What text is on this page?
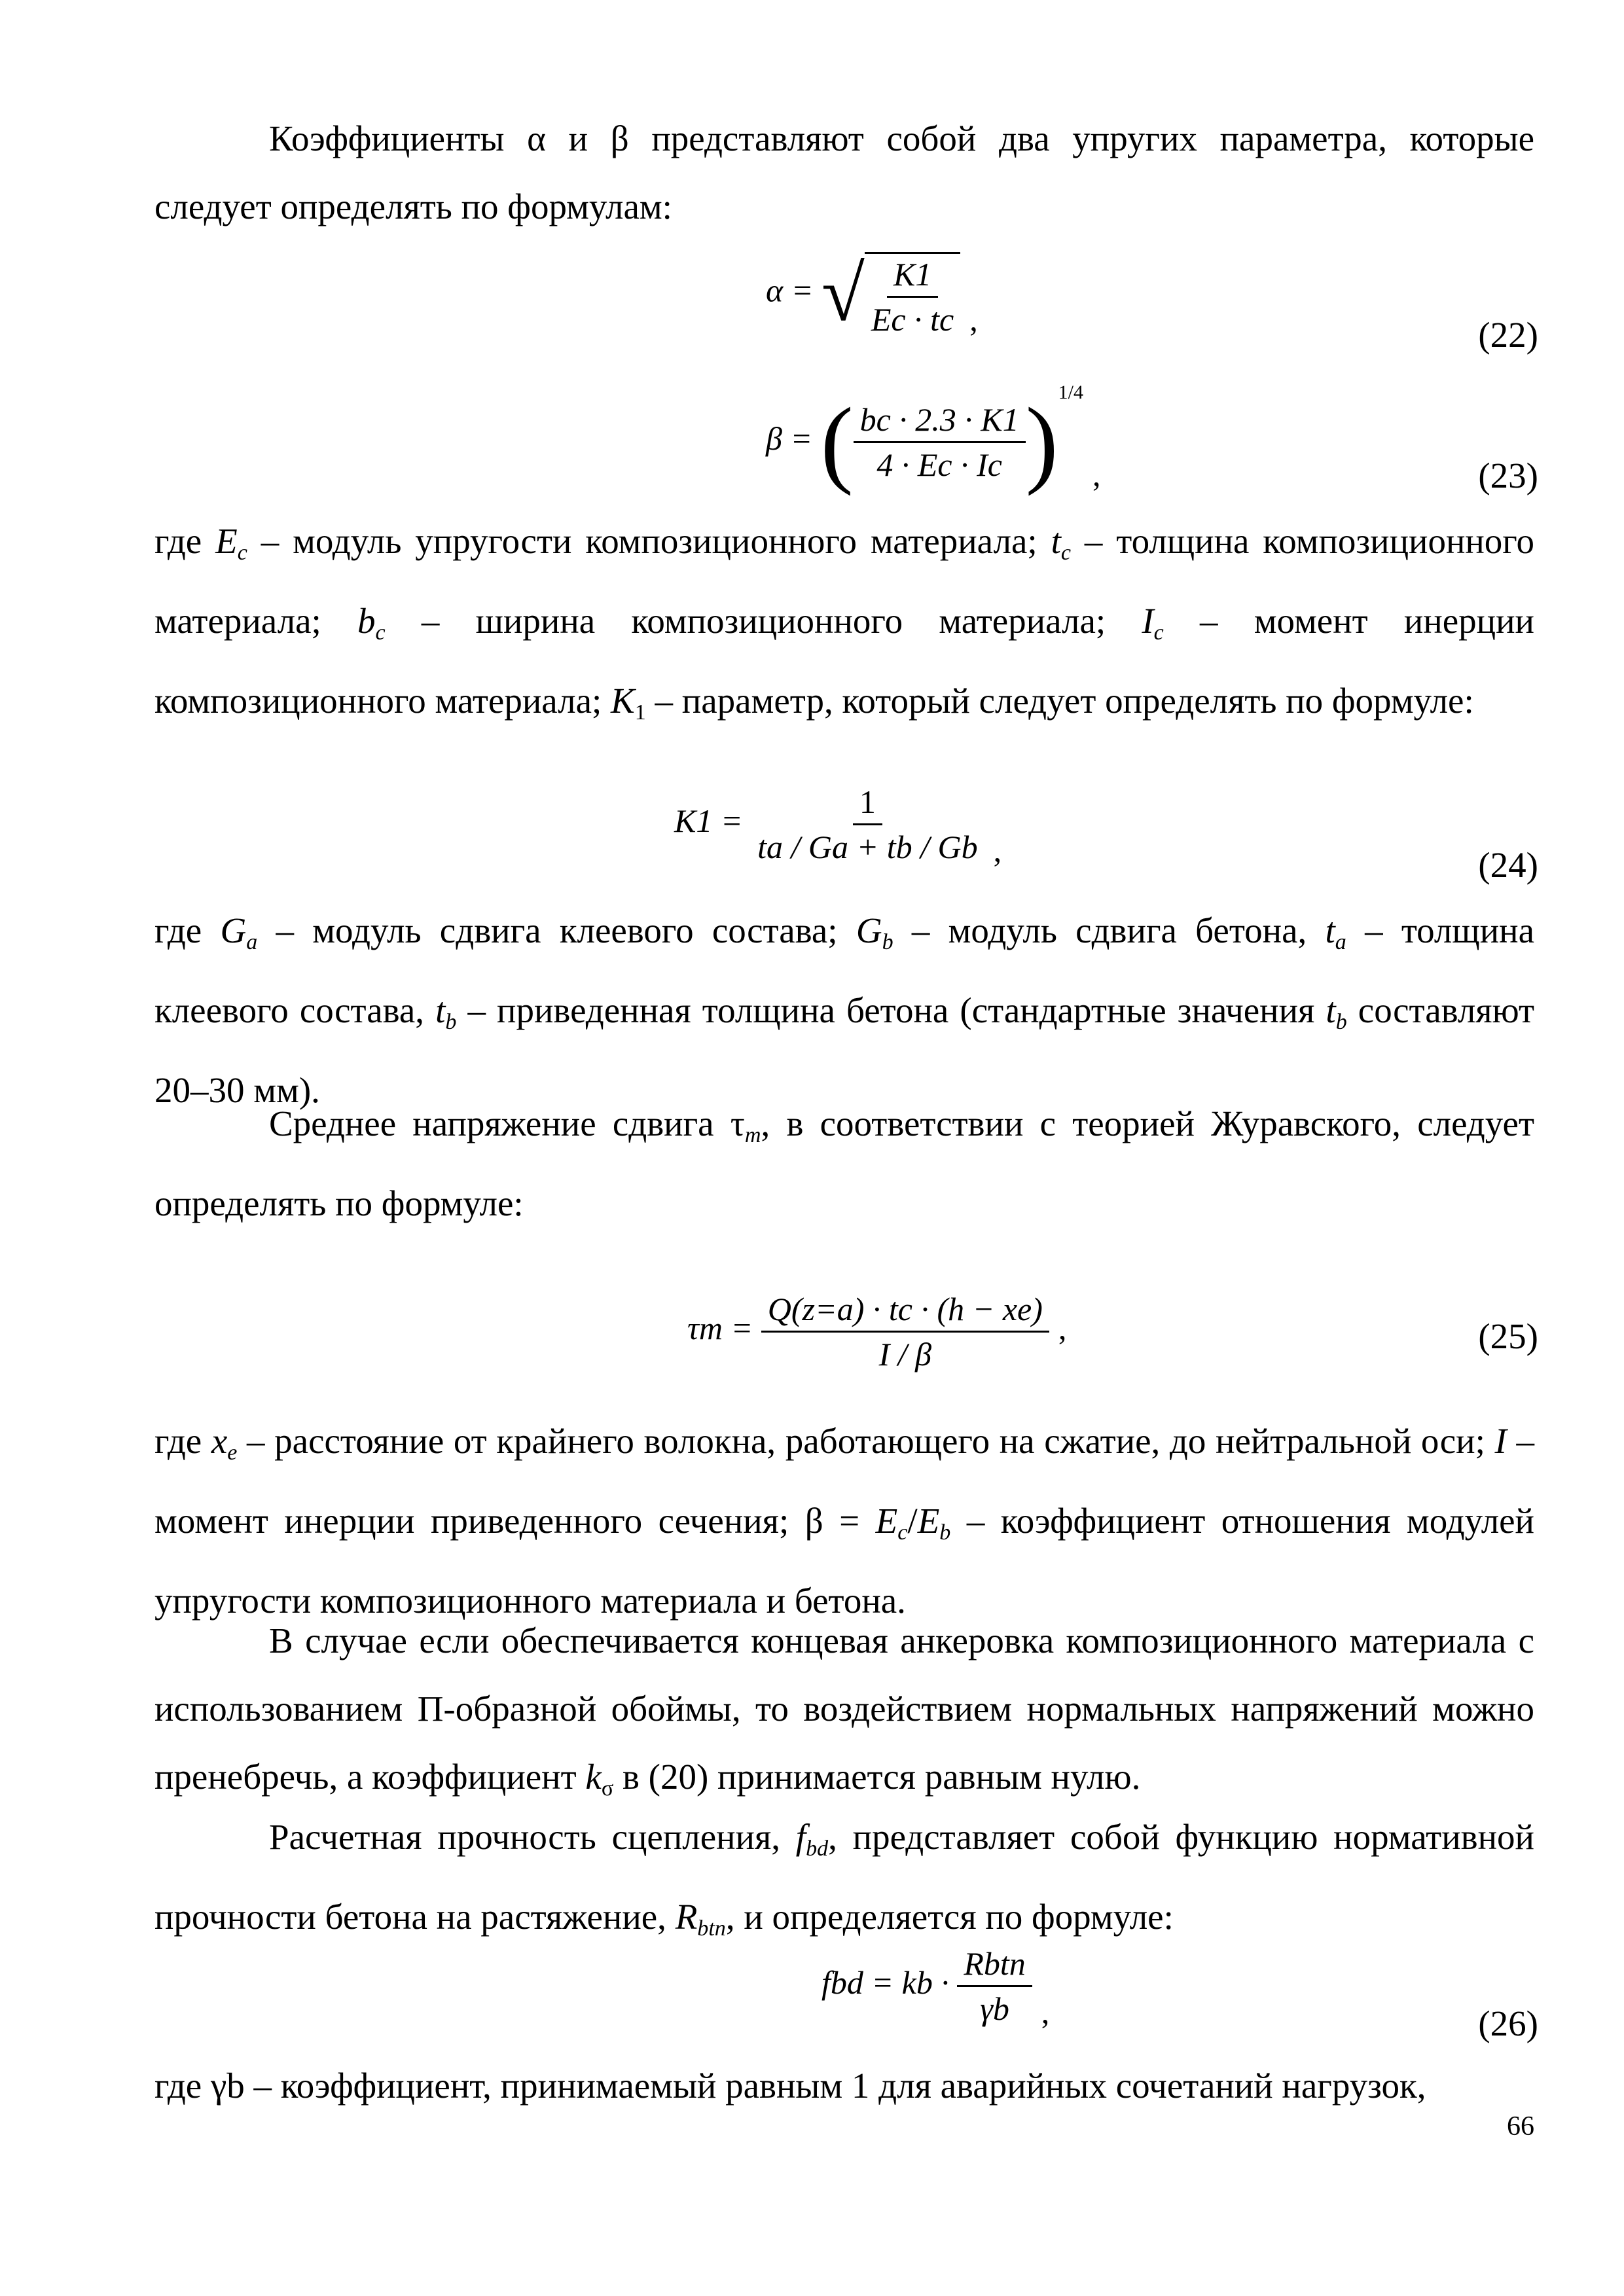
Коэффициенты α и β представляют собой два упругих параметра, которые следует определять по формулам:

α = √ $\frac{K1}{Ec \cdot tc}$ ,	(22)
β = ( $\frac{bc \cdot 2.3 \cdot K1}{4 \cdot Ec \cdot Ic} )^{1/4}$,	(23)

где $E_c$ – модуль упругости композиционного материала; $t_c$ – толщина композиционного материала; $b_c$ – ширина композиционного материала; $I_c$ – момент инерции композиционного материала; $K_1$ – параметр, который следует определять по формуле:

$K1 = \frac{1}{ta / Ga + tb / Gb}$ ,	(24)

где $G_a$ – модуль сдвига клеевого состава; $G_b$ – модуль сдвига бетона, $t_a$ – толщина клеевого состава, $t_b$ – приведенная толщина бетона (стандартные значения $t_b$ составляют 20–30 мм).

Среднее напряжение сдвига $\tau_m$, в соответствии с теорией Журавского, следует определять по формуле:

$\tau m = \frac{Q(z=a) \cdot tc \cdot (h - xe)}{I / \beta}$ ,	(25)

где $x_e$ – расстояние от крайнего волокна, работающего на сжатие, до нейтральной оси; I – момент инерции приведенного сечения; $\beta = E_c/E_b$ – коэффициент отношения модулей упругости композиционного материала и бетона.

В случае если обеспечивается концевая анкеровка композиционного материала с использованием П-образной обоймы, то воздействием нормальных напряжений можно пренебречь, а коэффициент $k_\sigma$ в (20) принимается равным нулю.

Расчетная прочность сцепления, $f_{bd}$, представляет собой функцию нормативной прочности бетона на растяжение, $R_{btn}$, и определяется по формуле:

fbd = kb · $\frac{\text{Rbtn}}{\gamma b}$ ,	(26)

где γb – коэффициент, принимаемый равным 1 для аварийных сочетаний нагрузок,

66
